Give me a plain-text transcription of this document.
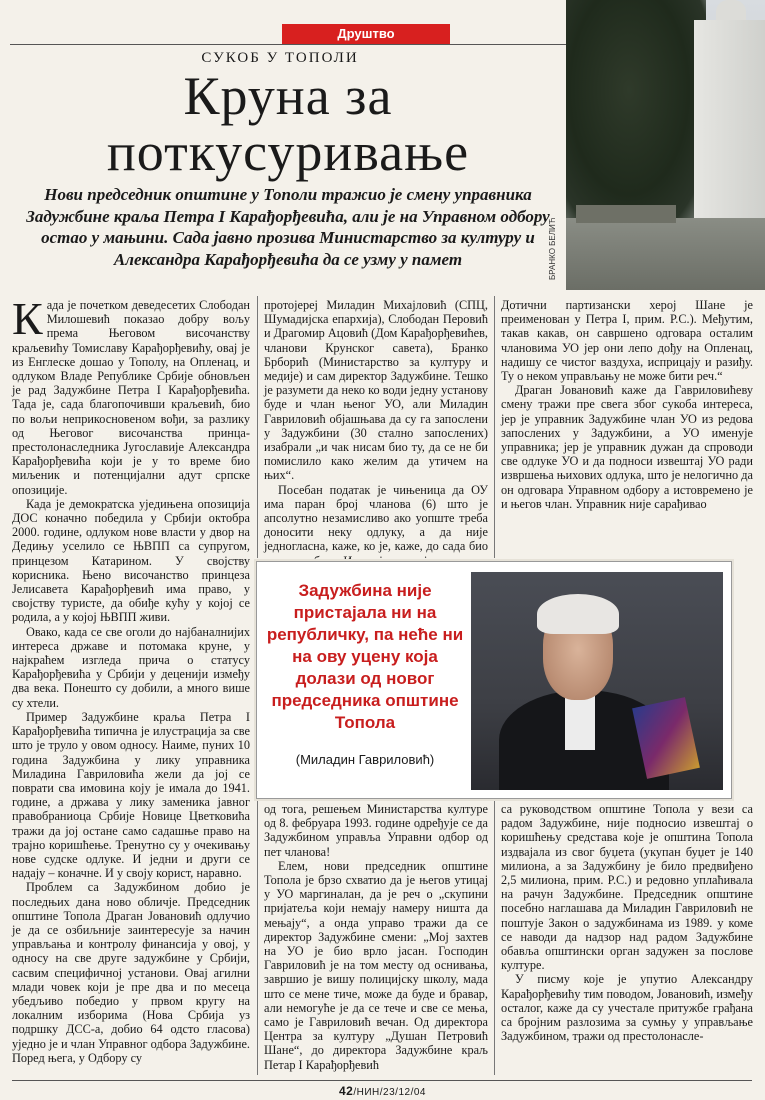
Друштво
СУКОБ У ТОПОЛИ
Круна за
поткусуривање
БРАНКО БЕЛИЋ
Нови председник општине у Тополи тражио је смену управника Задужбине краља Петра I Карађорђевића, али је на Управном одбору остао у мањини. Сада јавно прозива Министарство за културу и Александра Карађорђевића да се узму у памет

Када је почетком деведесетих Слободан Милошевић показао добру вољу према Његовом височанству краљевићу Томиславу Карађорђевићу, овај је из Енглеске дошао у Тополу, на Опленац, и одлуком Владе Републике Србије обновљен је рад Задужбине Петра I Карађорђевића. Тада је, сада благопочивши краљевић, био по вољи неприкосновеном вођи, за разлику од Његовог височанства принца-престолонаследника Југославије Александра Карађорђевића који је у то време био миљеник и потенцијални адут српске опозиције.

Када је демократска уједињена опозиција ДОС коначно победила у Србији октобра 2000. године, одлуком нове власти у двор на Дедињу уселило се ЊВПП са супругом, принцезом Катарином. У својству корисника. Њено височанство принцеза Јелисавета Карађорђевић има право, у својству туристе, да обиђе кућу у којој се родила, а у којој ЊВПП живи.

Овако, када се све оголи до најбаналнијих интереса државе и потомака круне, у најкраћем изгледа прича о статусу Карађорђевића у Србији у деценији између два века. Понешто су добили, а много вишe су хтели.

Пример Задужбине краља Петра I Карађорђевића типична је илустрација за све што је труло у овом односу. Наиме, пуних 10 година Задужбина у лику управника Миладина Гавриловића жели да јој се поврати сва имовина коју је имала до 1941. године, а држава у лику заменика јавног правобраниоца Србије Новице Цветковића тражи да јој остане само садашње право на трајно коришћење. Тренутно су у очекивању нове судске одлуке. И једни и други се надају – коначне. И у своју корист, наравно.

Проблем са Задужбином добио је последњих дана ново обличје. Председник општине Топола Драган Јовановић одлучио је да се озбиљније заинтересује за начин управљања и контролу финансија у овој, у односу на све друге задужбине у Србији, сасвим специфичној установи. Овај агилни млади човек који је пре два и по месеца убедљиво победио у првом кругу на локалним изборима (Нова Србија уз подршку ДСС-а, добио 64 одсто гласова) уједно је и члан Управног одбора Задужбине. Поред њега, у Одбору су

протојереј Миладин Михајловић (СПЦ, Шумадијска епархија), Слободан Перовић и Драгомир Ацовић (Дом Карађорђевићев, чланови Крунског савета), Бранко Брборић (Министарство за културу и медије) и сам директор Задужбине. Тешко је разумети да неко ко води једну установу буде и члан њеног УО, али Миладин Гавриловић објашњава да су гa запослени у Задужбини (30 стално запослених) изабрали „и чак нисам био ту, да се не би помислило како желим да утичем на њих“.

Посебан податак је чињеница да ОУ има паран број чланова (6) што је апсолутно незамисливо ако уопште треба доносити неку одлуку, а да није једногласна, каже, ко је, каже, до сада био

Дотични партизански херој Шане је преименован у Петра I, прим. Р.С.). Међутим, такав какав, он савршено одговара осталим члановима УО јер они лепо дођу на Опленац, надишу се чистог ваздуха, исприцају и разиђу. Ту о неком управљању не може бити реч.“

Драган Јовановић каже да Гавриловићеву смену тражи пре свега због сукоба интереса, јер је управник Задужбине члан УО из редова запослених у Задужбини, а УО именује управника; јер је управник дужан да спроводи све одлуке УО и да подноси извештај УО ради извршења њихових одлука, што је нелогично да он одговара Управном одбору а истовремено је и његов члан. Управник није сарађивао

Задужбина није пристајала ни на републичку, па неће ни на ову уцену која долази од новог председника општине Топола
(Миладин Гавриловић)

од тога, решењем Министарства културе од 8. фебруара 1993. године одређује се да Задужбином управља Управни одбор од пет чланова!

Елем, нови председник општине Топола је брзо схватио да је његов утицај у УО маргиналан, да је реч о „скупини пријатеља који немају намеру ништа да мењају“, а онда управо тражи да се директор Задужбине смени: „Мој захтев на УО је био врло јасан. Господин Гавриловић је на том месту од оснивања, завршио је вишу полицијску школу, мада што се мене тиче, може да буде и бравар, али немогуће је да се тече и све се мења, само је Гавриловић вечан. Од директора Центра за културу „Душан Петровић Шане“, до директора Задужбине краљ Петар I Карађорђевић

са руководством општине Топола у вези са радом Задужбине, није подносио извештај о коришћењу средстава које је општина Топола издвајала из свог буџета (укупан буџет је 140 милиона, а за Задужбину је било предвиђено 2,5 милиона, прим. Р.С.) и редовно уплаћивала на рачун Задужбине. Председник општине посебно наглашава да Миладин Гавриловић не поштује Закон о задужбинама из 1989. у коме се наводи да надзор над радом Задужбине обавља општински орган задужен за послове културе.

У писму које је упутио Александру Карађорђевићу тим поводом, Јовановић, између осталог, каже да су учестале притужбе грађана са бројним разлозима за сумњу у управљање Задужбином, тражи од престолонасле-

42/НИН/23/12/04
